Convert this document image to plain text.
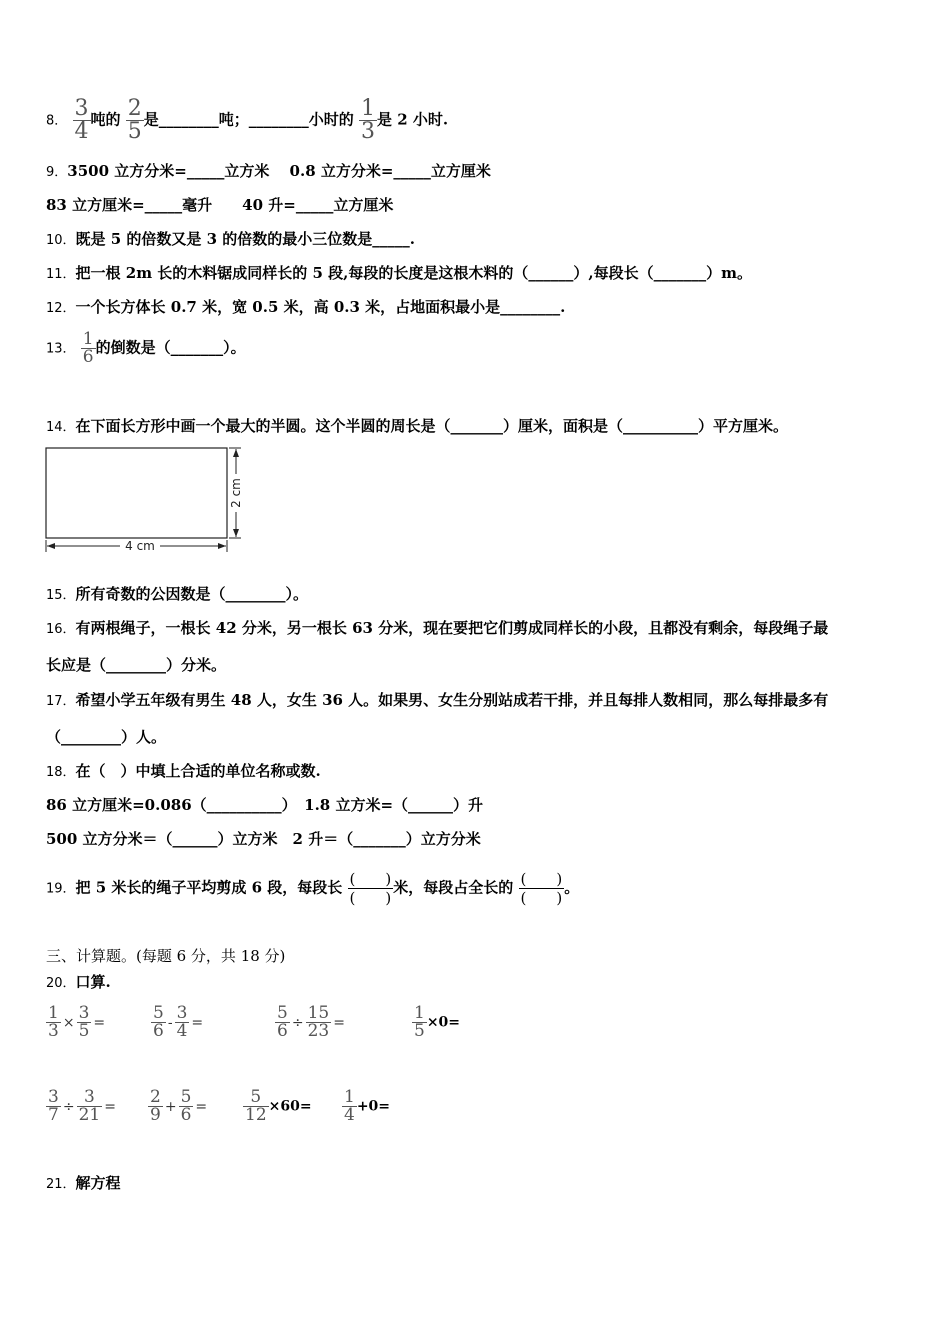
8． $\frac{3}{4}$ 吨的 $\frac{2}{5}$ 是________吨；________小时的 $\frac{1}{3}$ 是 2 小时.
9．3500 立方分米=_____立方米　 0.8 立方分米=_____立方厘米
83 立方厘米=_____毫升　　40 升=_____立方厘米
10．既是 5 的倍数又是 3 的倍数的最小三位数是_____.
11．把一根 2m 长的木料锯成同样长的 5 段,每段的长度是这根木料的（______）,每段长（_______）m。
12．一个长方体长 0.7 米，宽 0.5 米，高 0.3 米，占地面积最小是________.
13． $\frac{1}{6}$ 的倒数是（_______）。
14．在下面长方形中画一个最大的半圆。这个半圆的周长是（_______）厘米，面积是（__________）平方厘米。
4 cm
2 cm
15．所有奇数的公因数是（________）。
16．有两根绳子，一根长 42 分米，另一根长 63 分米，现在要把它们剪成同样长的小段，且都没有剩余，每段绳子最
长应是（________）分米。
17．希望小学五年级有男生 48 人，女生 36 人。如果男、女生分别站成若干排，并且每排人数相同，那么每排最多有
（________）人。
18．在（　）中填上合适的单位名称或数.
86 立方厘米=0.086（__________）　1.8 立方米=（______）升
500 立方分米＝（______）立方米　2 升＝（_______）立方分米
19．把 5 米长的绳子平均剪成 6 段，每段长 (　　)
(　　)
米，每段占全长的 (　　)
(　　)
。
三、计算题。(每题 6 分，共 18 分)
20．口算.
$\frac{1}{3} \times \frac{3}{5}$ =	$\frac{5}{6} - \frac{3}{4}$ =	$\frac{5}{6} \div \frac{15}{23}$ =	$\frac{1}{5} \times 0=$
$\frac{3}{7} \div \frac{3}{21} = \frac{2}{9} + \frac{5}{6} = \frac{5}{12} \times 60= \frac{1}{4} +0=$
21．解方程
